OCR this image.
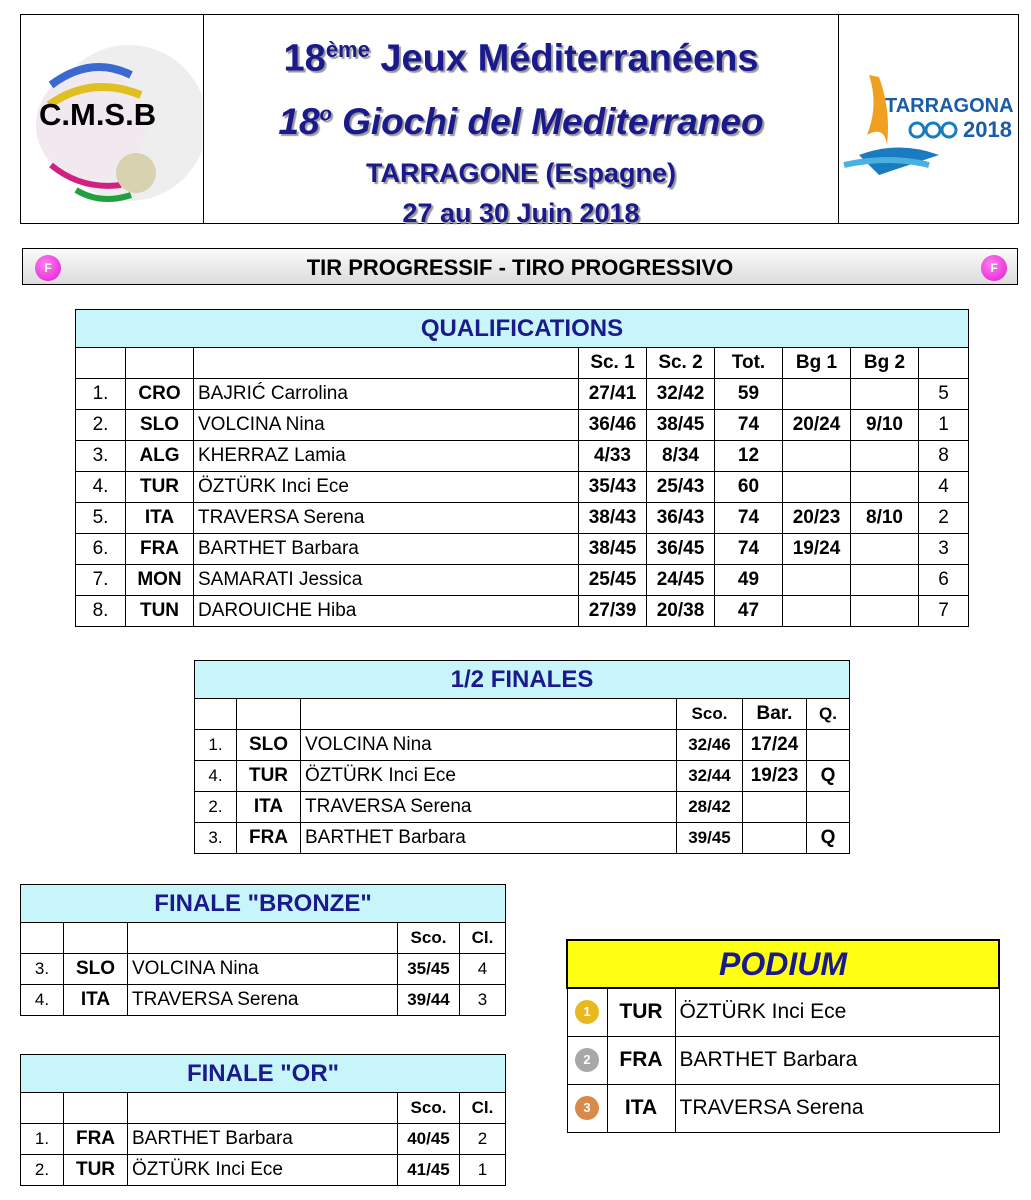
C.M.S.B
18ème Jeux Méditerranéens
18$^o$ Giochi del Mediterraneo
TARRAGONE (Espagne)
27 au 30 Juin 2018
TARRAGONA
2018
F	TIR PROGRESSIF - TIRO PROGRESSIVO	F
QUALIFICATIONS								
			Sc. 1	Sc. 2	Tot.	Bg 1	Bg 2	
1.	CRO	BAJRIĆ Carrolina	27/41	32/42	59			5
2.	SLO	VOLCINA Nina	36/46	38/45	74	20/24	9/10	1
3.	ALG	KHERRAZ Lamia	4/33	8/34	12			8
4.	TUR	ÖZTÜRK Inci Ece	35/43	25/43	60			4
5.	ITA	TRAVERSA Serena	38/43	36/43	74	20/23	8/10	2
6.	FRA	BARTHET Barbara	38/45	36/45	74	19/24		3
7.	MON	SAMARATI Jessica	25/45	24/45	49			6
8.	TUN	DAROUICHE Hiba	27/39	20/38	47			7
1/2 FINALES					
			Sco.	Bar.	Q.
1.	SLO	VOLCINA Nina	32/46	17/24	
4.	TUR	ÖZTÜRK Inci Ece	32/44	19/23	Q
2.	ITA	TRAVERSA Serena	28/42		
3.	FRA	BARTHET Barbara	39/45		Q
FINALE "BRONZE"				
			Sco.	Cl.
3.	SLO	VOLCINA Nina	35/45	4
4.	ITA	TRAVERSA Serena	39/44	3
FINALE "OR"				
			Sco.	Cl.
1.	FRA	BARTHET Barbara	40/45	2
2.	TUR	ÖZTÜRK Inci Ece	41/45	1
PODIUM		
1	TUR	ÖZTÜRK Inci Ece
2	FRA	BARTHET Barbara
3	ITA	TRAVERSA Serena
